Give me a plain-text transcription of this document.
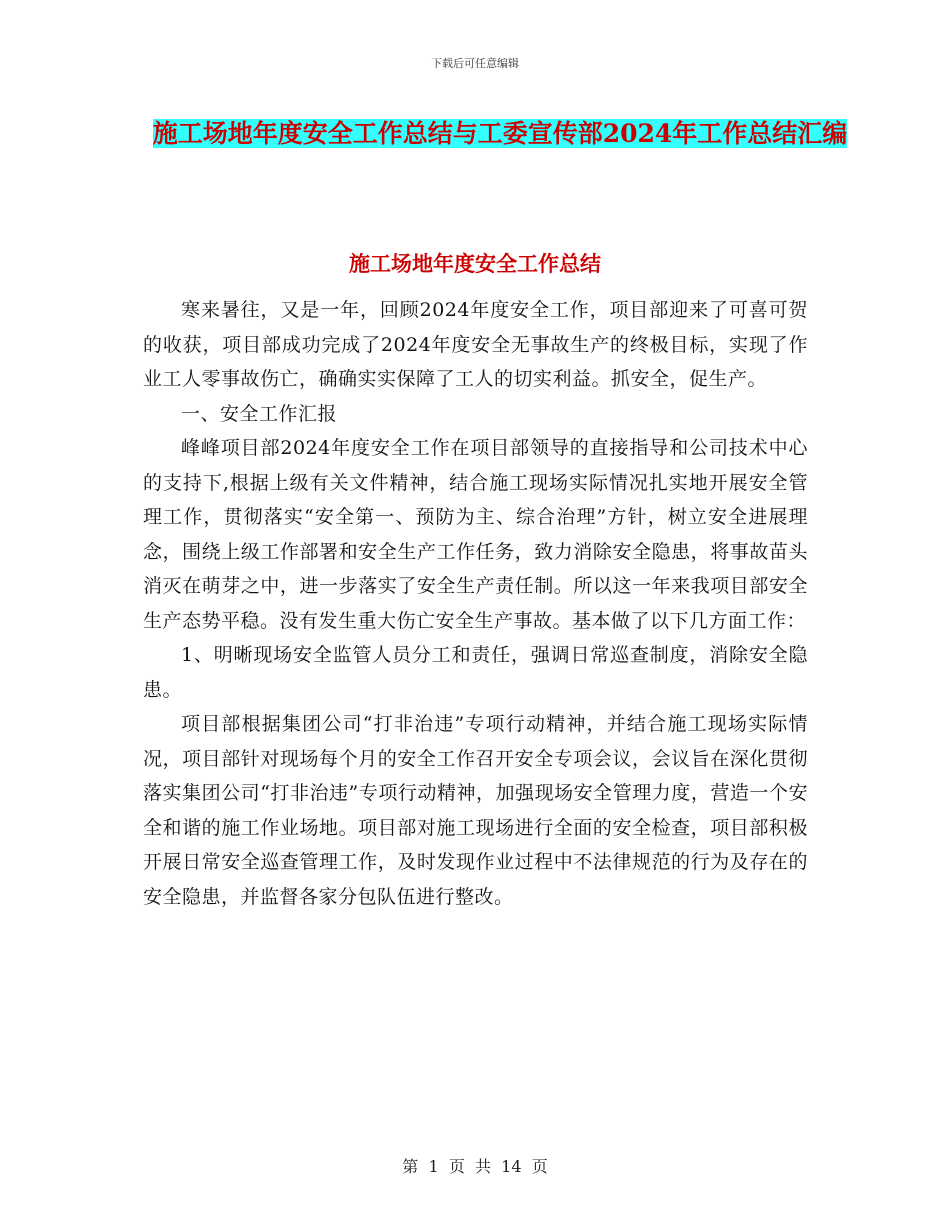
下载后可任意编辑
施工场地年度安全工作总结与工委宣传部2024年工作总结汇编
施工场地年度安全工作总结

寒来暑往，又是一年，回顾2024年度安全工作，项目部迎来了可喜可贺的收获，项目部成功完成了2024年度安全无事故生产的终极目标，实现了作业工人零事故伤亡，确确实实保障了工人的切实利益。抓安全，促生产。

一、安全工作汇报

峰峰项目部2024年度安全工作在项目部领导的直接指导和公司技术中心的支持下,根据上级有关文件精神，结合施工现场实际情况扎实地开展安全管理工作，贯彻落实“安全第一、预防为主、综合治理”方针，树立安全进展理念，围绕上级工作部署和安全生产工作任务，致力消除安全隐患，将事故苗头消灭在萌芽之中，进一步落实了安全生产责任制。所以这一年来我项目部安全生产态势平稳。没有发生重大伤亡安全生产事故。基本做了以下几方面工作：

1、明晰现场安全监管人员分工和责任，强调日常巡查制度，消除安全隐患。

项目部根据集团公司“打非治违”专项行动精神，并结合施工现场实际情况，项目部针对现场每个月的安全工作召开安全专项会议，会议旨在深化贯彻落实集团公司“打非治违”专项行动精神，加强现场安全管理力度，营造一个安全和谐的施工作业场地。项目部对施工现场进行全面的安全检查，项目部积极开展日常安全巡查管理工作，及时发现作业过程中不法律规范的行为及存在的安全隐患，并监督各家分包队伍进行整改。

第  1  页  共  14  页
